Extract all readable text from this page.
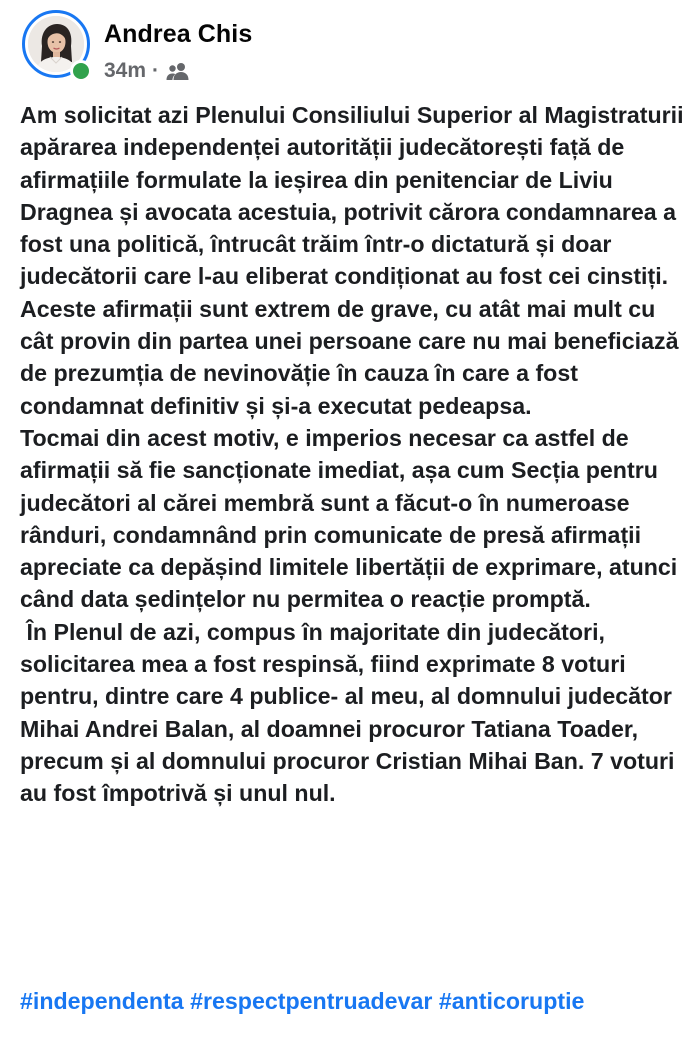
Andrea Chis
34m ·

Am solicitat azi Plenului Consiliului Superior al Magistraturii apărarea independenței autorității judecătorești față de afirmațiile formulate la ieșirea din penitenciar de Liviu Dragnea și avocata acestuia, potrivit cărora condamnarea a fost una politică, întrucât trăim într-o dictatură și doar judecătorii care l-au eliberat condiționat au fost cei cinstiți.

Aceste afirmații sunt extrem de grave, cu atât mai mult cu cât provin din partea unei persoane care nu mai beneficiază de prezumția de nevinovăție în cauza în care a fost condamnat definitiv și și-a executat pedeapsa.

Tocmai din acest motiv, e imperios necesar ca astfel de afirmații să fie sancționate imediat, așa cum Secția pentru judecători al cărei membră sunt a făcut-o în numeroase rânduri, condamnând prin comunicate de presă afirmații apreciate ca depășind limitele libertății de exprimare, atunci când data ședințelor nu permitea o reacție promptă.

În Plenul de azi, compus în majoritate din judecători, solicitarea mea a fost respinsă, fiind exprimate 8 voturi pentru, dintre care 4 publice- al meu, al domnului judecător Mihai Andrei Balan, al doamnei procuror Tatiana Toader, precum și al domnului procuror Cristian Mihai Ban. 7 voturi au fost împotrivă și unul nul.

#independenta #respectpentruadevar #anticoruptie
